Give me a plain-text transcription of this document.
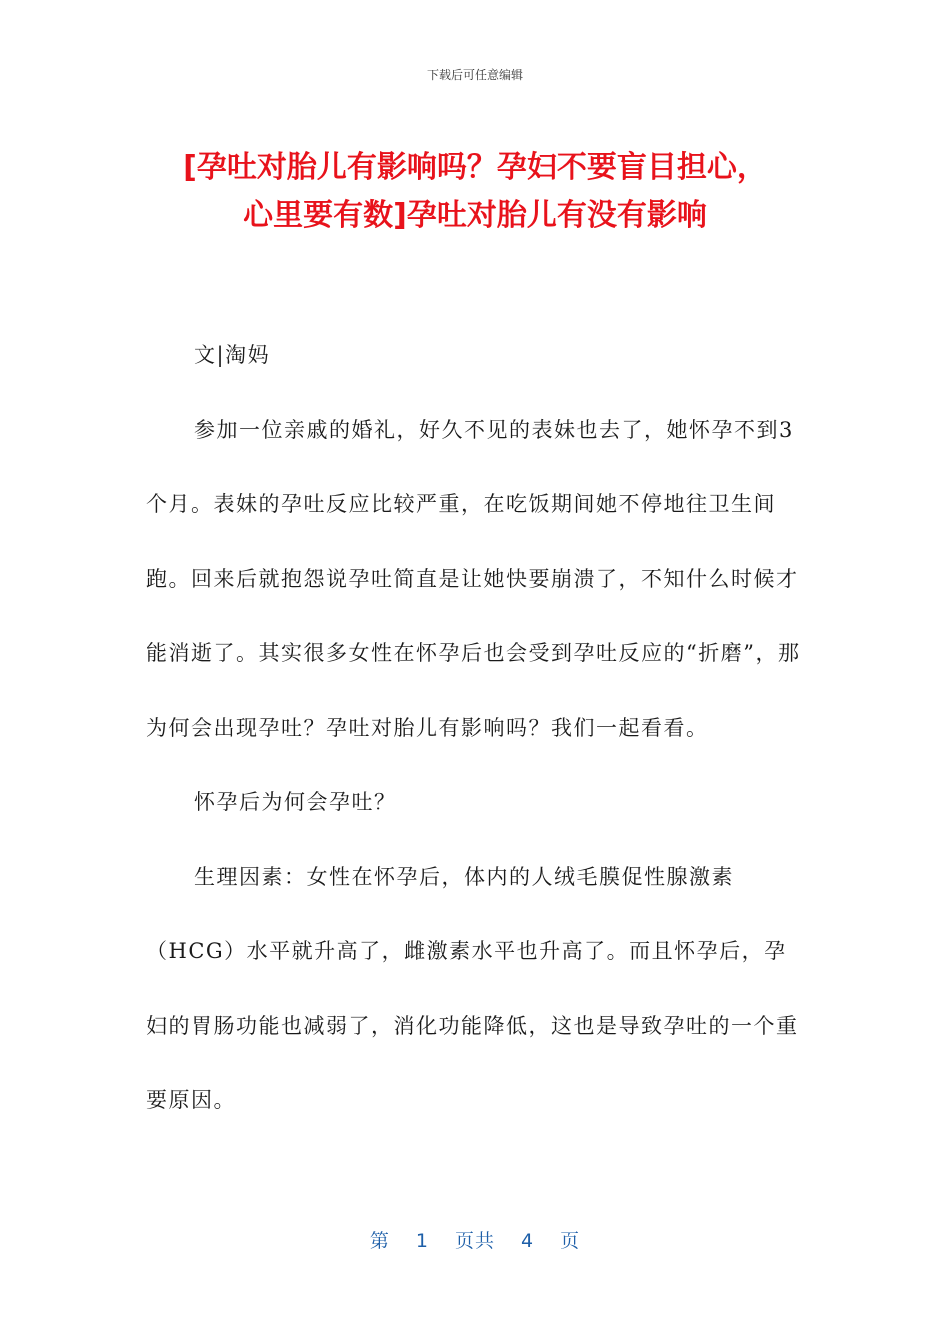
下载后可任意编辑
[孕吐对胎儿有影响吗？孕妇不要盲目担心，
心里要有数]孕吐对胎儿有没有影响

文|淘妈

参加一位亲戚的婚礼，好久不见的表妹也去了，她怀孕不到3个月。表妹的孕吐反应比较严重，在吃饭期间她不停地往卫生间跑。回来后就抱怨说孕吐简直是让她快要崩溃了，不知什么时候才能消逝了。其实很多女性在怀孕后也会受到孕吐反应的“折磨”，那为何会出现孕吐？孕吐对胎儿有影响吗？我们一起看看。

怀孕后为何会孕吐？

生理因素：女性在怀孕后，体内的人绒毛膜促性腺激素（HCG）水平就升高了，雌激素水平也升高了。而且怀孕后，孕妇的胃肠功能也减弱了，消化功能降低，这也是导致孕吐的一个重要原因。

第 1 页共 4 页
